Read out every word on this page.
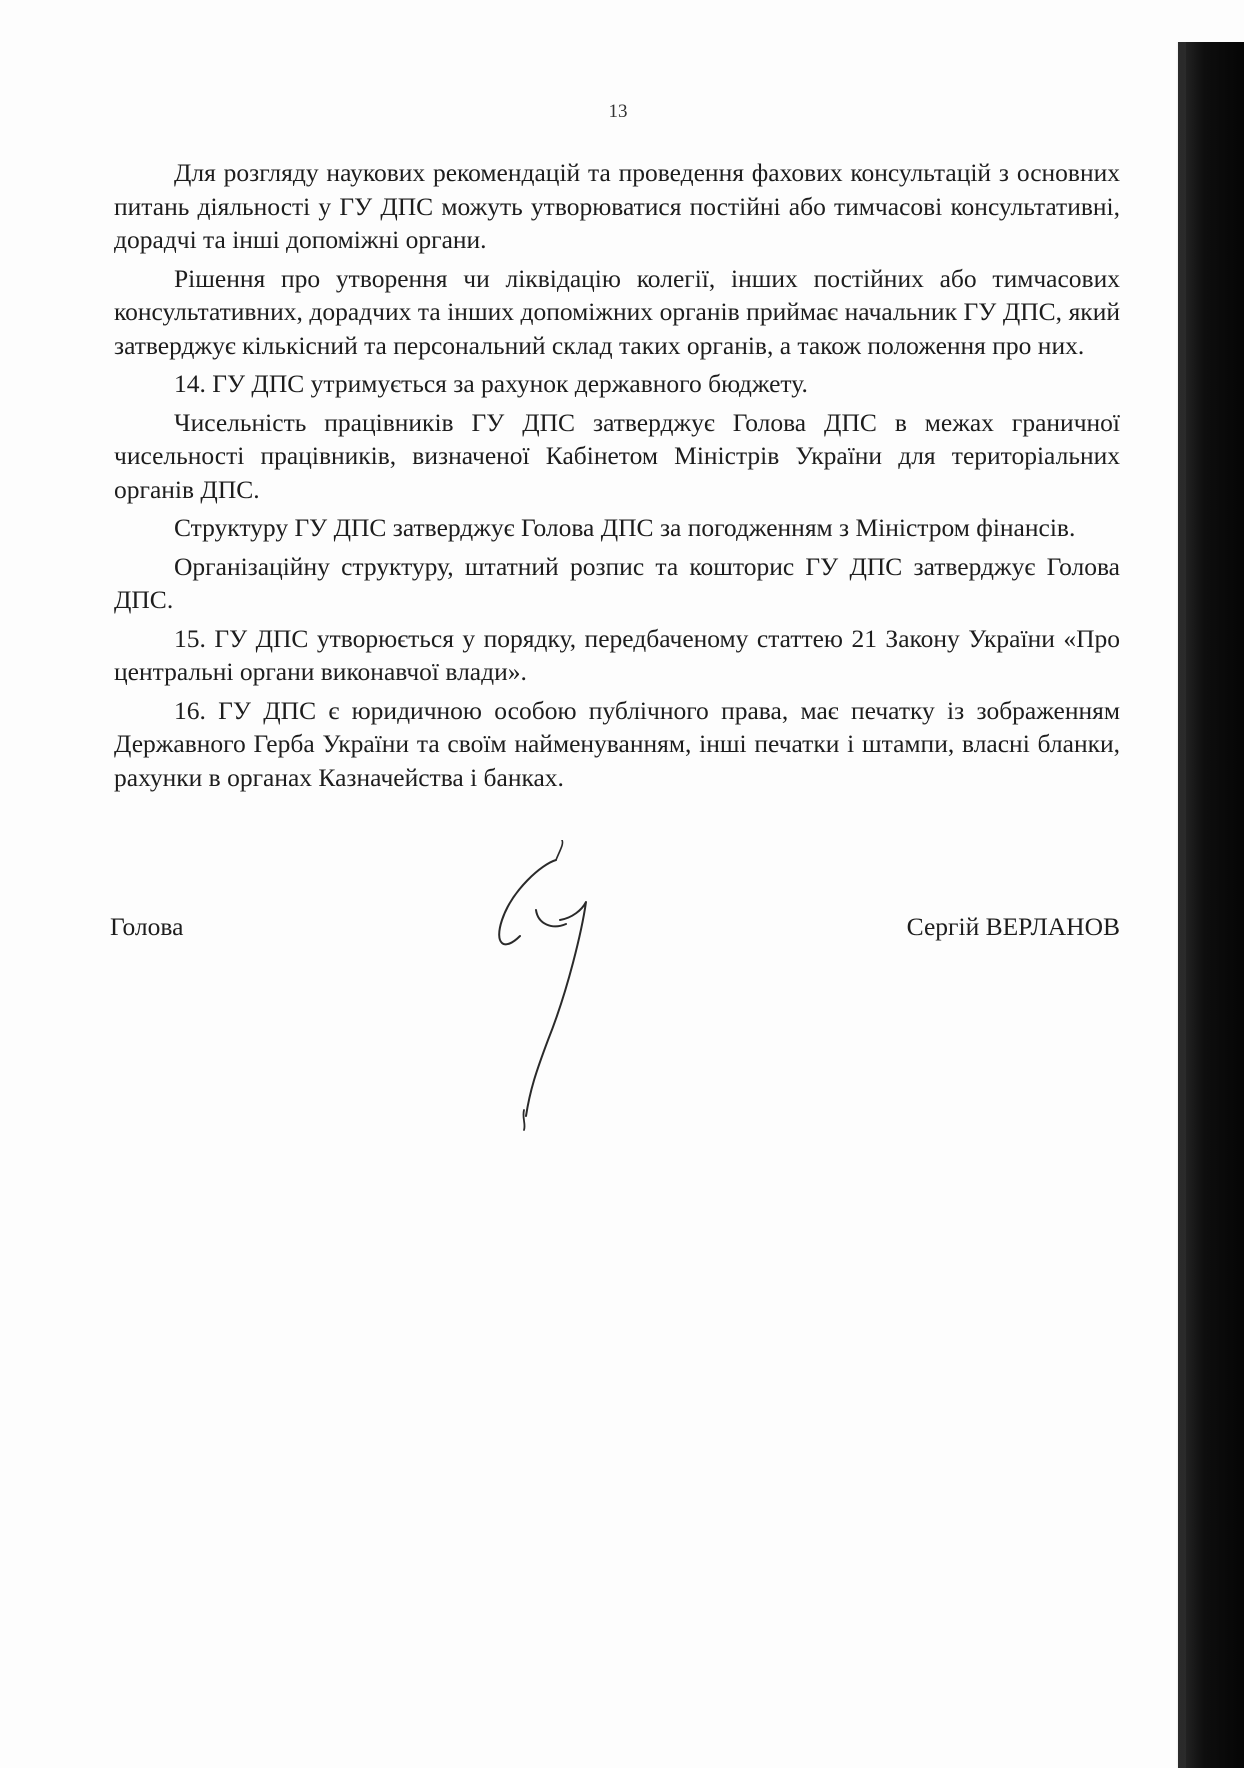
13

Для розгляду наукових рекомендацій та проведення фахових консультацій з основних питань діяльності у ГУ ДПС можуть утворюватися постійні або тимчасові консультативні, дорадчі та інші допоміжні органи.

Рішення про утворення чи ліквідацію колегії, інших постійних або тимчасових консультативних, дорадчих та інших допоміжних органів приймає начальник ГУ ДПС, який затверджує кількісний та персональний склад таких органів, а також положення про них.

14. ГУ ДПС утримується за рахунок державного бюджету.

Чисельність працівників ГУ ДПС затверджує Голова ДПС в межах граничної чисельності працівників, визначеної Кабінетом Міністрів України для територіальних органів ДПС.

Структуру ГУ ДПС затверджує Голова ДПС за погодженням з Міністром фінансів.

Організаційну структуру, штатний розпис та кошторис ГУ ДПС затверджує Голова ДПС.

15. ГУ ДПС утворюється у порядку, передбаченому статтею 21 Закону України «Про центральні органи виконавчої влади».

16. ГУ ДПС є юридичною особою публічного права, має печатку із зображенням Державного Герба України та своїм найменуванням, інші печатки і штампи, власні бланки, рахунки в органах Казначейства і банках.

Голова	Сергій ВЕРЛАНОВ
